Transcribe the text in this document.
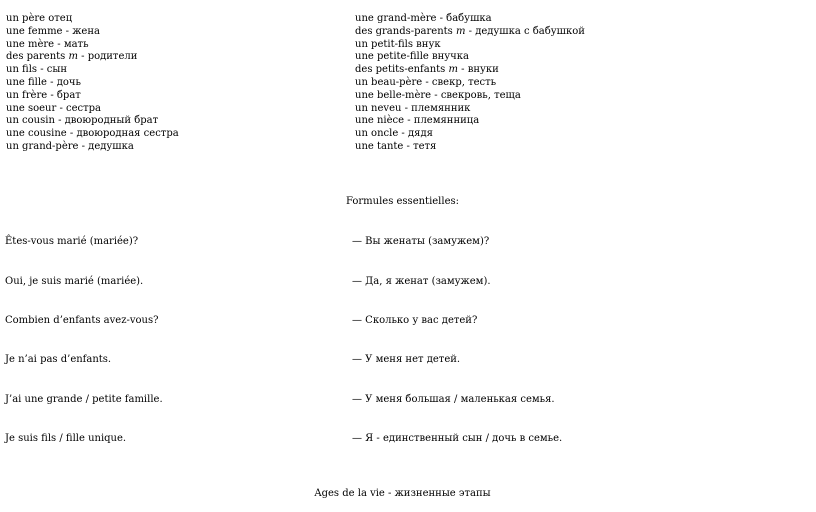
un père отец
une femme - жена
une mère - мать
des parents m - родители
un fils - сын
une fille - дочь
un frère - брат
une soeur - сестра
un cousin - двоюродный брат
une cousine - двоюродная сестра
un grand-père - дедушка
une grand-mère - бабушка
des grands-parents m - дедушка с бабушкой
un petit-fils внук
une petite-fille внучка
des petits-enfants m - внуки
un beau-père - свекр, тесть
une belle-mère - свекровь, теща
un neveu - племянник
une nièce - племянница
un oncle - дядя
une tante - тетя
Formules essentielles:
Êtes-vous marié (mariée)?	— Вы женаты (замужем)?
Oui, je suis marié (mariée).	— Да, я женат (замужем).
Combien d’enfants avez-vous?	— Сколько у вас детей?
Je n’ai pas d’enfants.	— У меня нет детей.
J’ai une grande / petite famille.	— У меня большая / маленькая семья.
Je suis fils / fille unique.	— Я - единственный сын / дочь в семье.
Ages de la vie - жизненные этапы
